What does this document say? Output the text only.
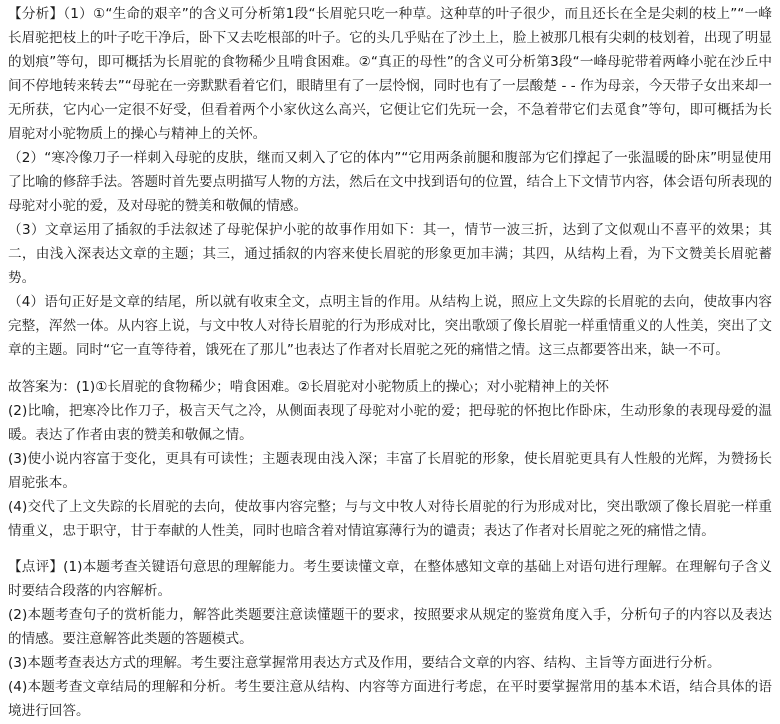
【分析】（1）①“生命的艰辛”的含义可分析第1段“长眉驼只吃一种草。这种草的叶子很少，而且还长在全是尖刺的枝上”“一峰长眉驼把枝上的叶子吃干净后，卧下又去吃根部的叶子。它的头几乎贴在了沙土上，脸上被那几根有尖刺的枝划着，出现了明显的划痕”等句，即可概括为长眉驼的食物稀少且啃食困难。②“真正的母性”的含义可分析第3段“一峰母驼带着两峰小驼在沙丘中间不停地转来转去”“母驼在一旁默默看着它们，眼睛里有了一层怜悯，同时也有了一层酸楚 - - 作为母亲，今天带子女出来却一无所获，它内心一定很不好受，但看着两个小家伙这么高兴，它便让它们先玩一会，不急着带它们去觅食”等句，即可概括为长眉驼对小驼物质上的操心与精神上的关怀。

（2）“寒冷像刀子一样刺入母驼的皮肤，继而又刺入了它的体内”“它用两条前腿和腹部为它们撑起了一张温暖的卧床”明显使用了比喻的修辞手法。答题时首先要点明描写人物的方法，然后在文中找到语句的位置，结合上下文情节内容，体会语句所表现的母驼对小驼的爱，及对母驼的赞美和敬佩的情感。

（3）文章运用了插叙的手法叙述了母驼保护小驼的故事作用如下：其一，情节一波三折，达到了文似观山不喜平的效果；其二，由浅入深表达文章的主题；其三，通过插叙的内容来使长眉驼的形象更加丰满；其四，从结构上看，为下文赞美长眉驼蓄势。

（4）语句正好是文章的结尾，所以就有收束全文，点明主旨的作用。从结构上说，照应上文失踪的长眉驼的去向，使故事内容完整，浑然一体。从内容上说，与文中牧人对待长眉驼的行为形成对比，突出歌颂了像长眉驼一样重情重义的人性美，突出了文章的主题。同时“它一直等待着，饿死在了那儿”也表达了作者对长眉驼之死的痛惜之情。这三点都要答出来，缺一不可。

故答案为：(1)①长眉驼的食物稀少；啃食困难。②长眉驼对小驼物质上的操心；对小驼精神上的关怀

(2)比喻，把寒冷比作刀子，极言天气之冷，从侧面表现了母驼对小驼的爱；把母驼的怀抱比作卧床，生动形象的表现母爱的温暖。表达了作者由衷的赞美和敬佩之情。

(3)使小说内容富于变化，更具有可读性；主题表现由浅入深；丰富了长眉驼的形象，使长眉驼更具有人性般的光辉，为赞扬长眉驼张本。

(4)交代了上文失踪的长眉驼的去向，使故事内容完整；与与文中牧人对待长眉驼的行为形成对比，突出歌颂了像长眉驼一样重情重义，忠于职守，甘于奉献的人性美，同时也暗含着对情谊寡薄行为的谴责；表达了作者对长眉驼之死的痛惜之情。

【点评】(1)本题考查关键语句意思的理解能力。考生要读懂文章，在整体感知文章的基础上对语句进行理解。在理解句子含义时要结合段落的内容解析。

(2)本题考查句子的赏析能力，解答此类题要注意读懂题干的要求，按照要求从规定的鉴赏角度入手，分析句子的内容以及表达的情感。要注意解答此类题的答题模式。

(3)本题考查表达方式的理解。考生要注意掌握常用表达方式及作用，要结合文章的内容、结构、主旨等方面进行分析。

(4)本题考查文章结局的理解和分析。考生要注意从结构、内容等方面进行考虑，在平时要掌握常用的基本术语，结合具体的语境进行回答。
